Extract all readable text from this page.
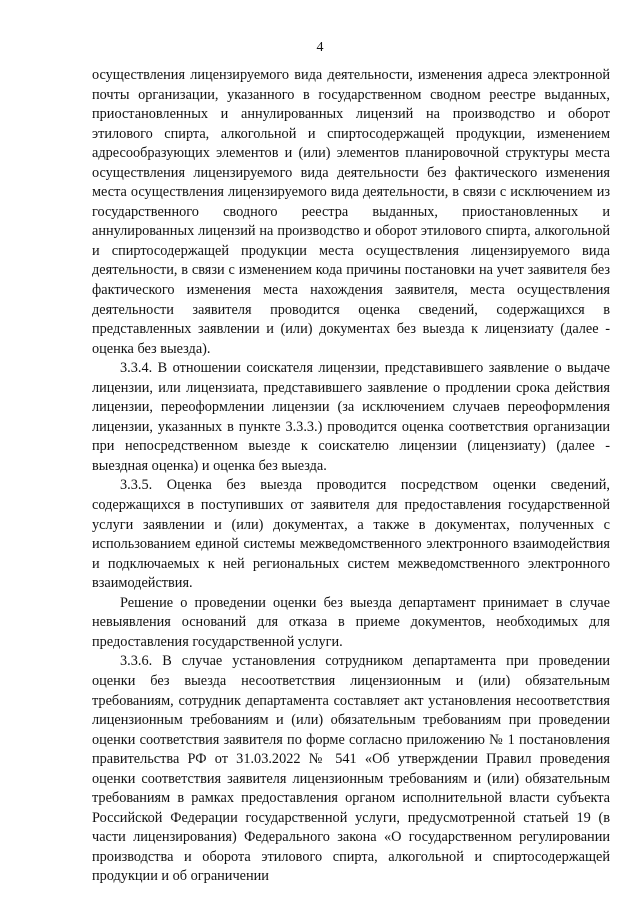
4

осуществления лицензируемого вида деятельности, изменения адреса электронной почты организации, указанного в государственном сводном реестре выданных, приостановленных и аннулированных лицензий на производство и оборот этилового спирта, алкогольной и спиртосодержащей продукции, изменением адресообразующих элементов и (или) элементов планировочной структуры места осуществления лицензируемого вида деятельности без фактического изменения места осуществления лицензируемого вида деятельности, в связи с исключением из государственного сводного реестра выданных, приостановленных и аннулированных лицензий на производство и оборот этилового спирта, алкогольной и спиртосодержащей продукции места осуществления лицензируемого вида деятельности, в связи с изменением кода причины постановки на учет заявителя без фактического изменения места нахождения заявителя, места осуществления деятельности заявителя проводится оценка сведений, содержащихся в представленных заявлении и (или) документах без выезда к лицензиату (далее - оценка без выезда).

3.3.4. В отношении соискателя лицензии, представившего заявление о выдаче лицензии, или лицензиата, представившего заявление о продлении срока действия лицензии, переоформлении лицензии (за исключением случаев переоформления лицензии, указанных в пункте 3.3.3.) проводится оценка соответствия организации при непосредственном выезде к соискателю лицензии (лицензиату) (далее - выездная оценка) и оценка без выезда.

3.3.5. Оценка без выезда проводится посредством оценки сведений, содержащихся в поступивших от заявителя для предоставления государственной услуги заявлении и (или) документах, а также в документах, полученных с использованием единой системы межведомственного электронного взаимодействия и подключаемых к ней региональных систем межведомственного электронного взаимодействия.

Решение о проведении оценки без выезда департамент принимает в случае невыявления оснований для отказа в приеме документов, необходимых для предоставления государственной услуги.

3.3.6. В случае установления сотрудником департамента при проведении оценки без выезда несоответствия лицензионным и (или) обязательным требованиям, сотрудник департамента составляет акт установления несоответствия лицензионным требованиям и (или) обязательным требованиям при проведении оценки соответствия заявителя по форме согласно приложению № 1 постановления правительства РФ от 31.03.2022 № 541 «Об утверждении Правил проведения оценки соответствия заявителя лицензионным требованиям и (или) обязательным требованиям в рамках предоставления органом исполнительной власти субъекта Российской Федерации государственной услуги, предусмотренной статьей 19 (в части лицензирования) Федерального закона «О государственном регулировании производства и оборота этилового спирта, алкогольной и спиртосодержащей продукции и об ограничении
